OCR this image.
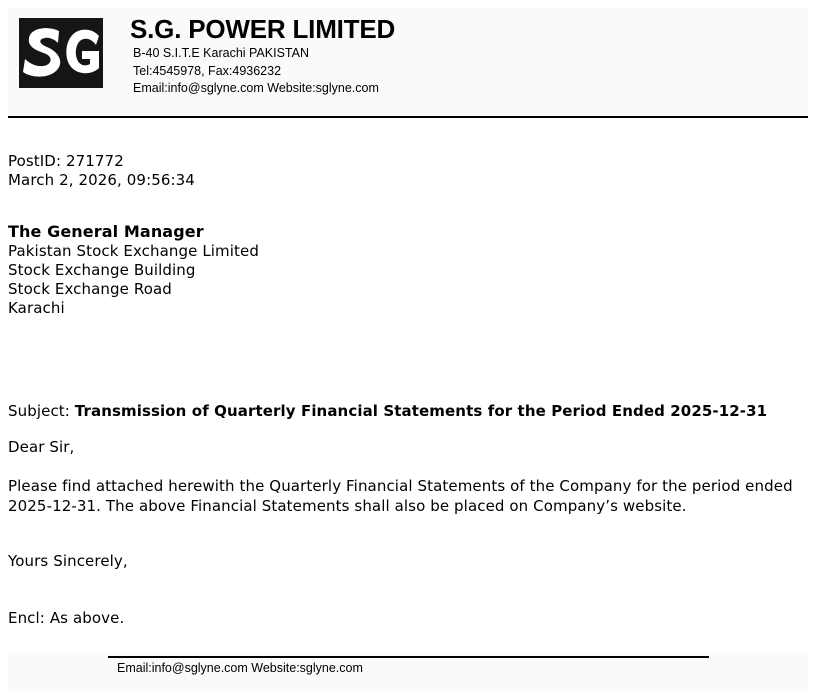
S.G. POWER LIMITED
B-40 S.I.T.E Karachi PAKISTAN
Tel:4545978, Fax:4936232
Email:info@sglyne.com Website:sglyne.com
PostID: 271772
March 2, 2026, 09:56:34
The General Manager
Pakistan Stock Exchange Limited
Stock Exchange Building
Stock Exchange Road
Karachi
Subject: Transmission of Quarterly Financial Statements for the Period Ended 2025-12-31
Dear Sir,
Please find attached herewith the Quarterly Financial Statements of the Company for the period ended 2025-12-31. The above Financial Statements shall also be placed on Company’s website.
Yours Sincerely,
Encl: As above.
Email:info@sglyne.com Website:sglyne.com
